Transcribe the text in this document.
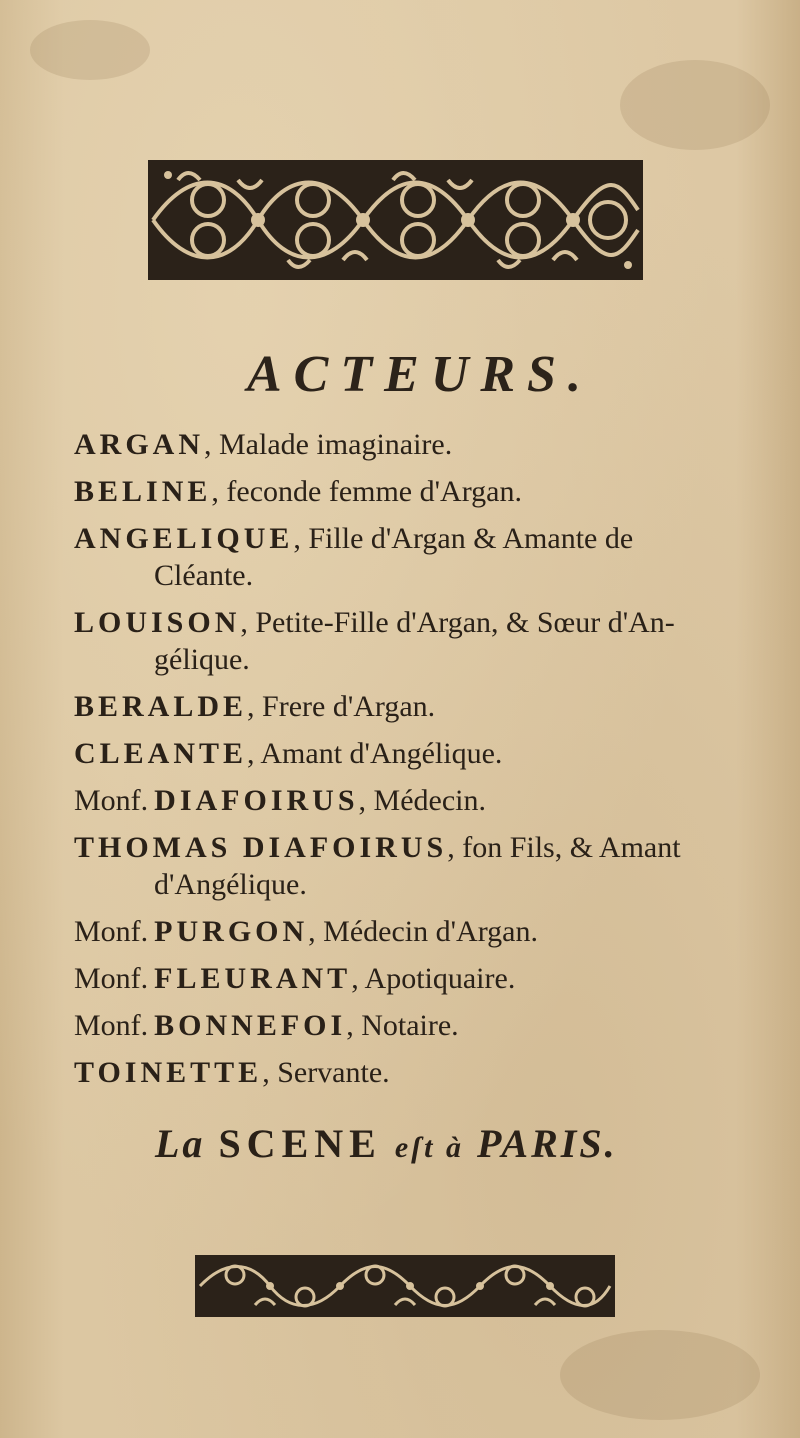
ACTEURS.
ARGAN, Malade imaginaire.
BELINE, feconde femme d'Argan.
ANGELIQUE, Fille d'Argan & Amante de
Cléante.
LOUISON, Petite-Fille d'Argan, & Sœur d'An-
gélique.
BERALDE, Frere d'Argan.
CLEANTE, Amant d'Angélique.
Monf. DIAFOIRUS, Médecin.
THOMAS DIAFOIRUS, fon Fils, & Amant
d'Angélique.
Monf. PURGON, Médecin d'Argan.
Monf. FLEURANT, Apotiquaire.
Monf. BONNEFOI, Notaire.
TOINETTE, Servante.
La SCENE eſt à PARIS.
